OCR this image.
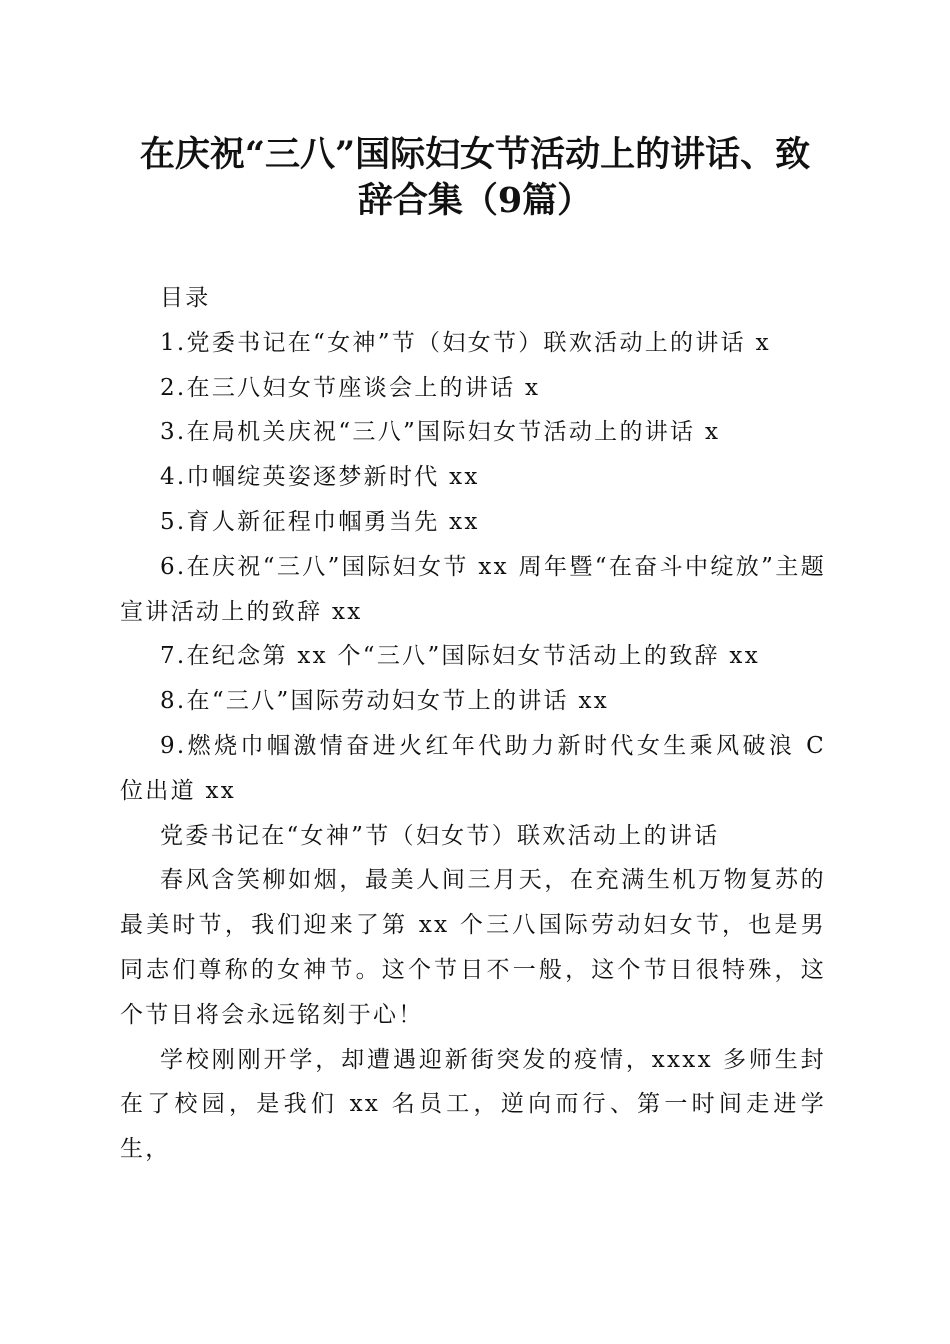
在庆祝“三八”国际妇女节活动上的讲话、致
辞合集（9篇）

目录

1.党委书记在“女神”节（妇女节）联欢活动上的讲话 x

2.在三八妇女节座谈会上的讲话 x

3.在局机关庆祝“三八”国际妇女节活动上的讲话 x

4.巾帼绽英姿逐梦新时代 xx

5.育人新征程巾帼勇当先 xx

6.在庆祝“三八”国际妇女节 xx 周年暨“在奋斗中绽放”主题宣讲活动上的致辞 xx

7.在纪念第 xx 个“三八”国际妇女节活动上的致辞 xx

8.在“三八”国际劳动妇女节上的讲话 xx

9.燃烧巾帼激情奋进火红年代助力新时代女生乘风破浪 C 位出道 xx

党委书记在“女神”节（妇女节）联欢活动上的讲话

春风含笑柳如烟，最美人间三月天，在充满生机万物复苏的最美时节，我们迎来了第 xx 个三八国际劳动妇女节，也是男同志们尊称的女神节。这个节日不一般，这个节日很特殊，这个节日将会永远铭刻于心！

学校刚刚开学，却遭遇迎新街突发的疫情，xxxx 多师生封在了校园，是我们 xx 名员工，逆向而行、第一时间走进学生，
